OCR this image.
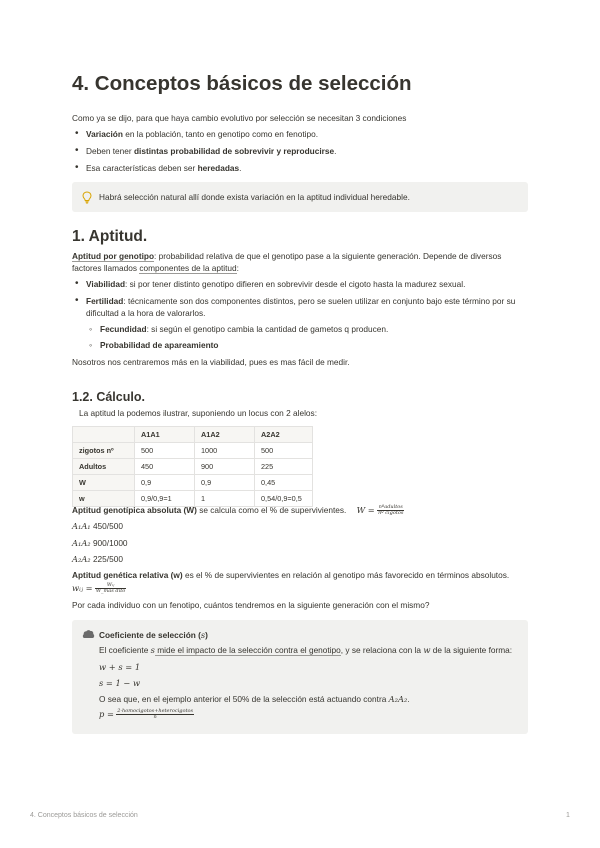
4. Conceptos básicos de selección

Como ya se dijo, para que haya cambio evolutivo por selección se necesitan 3 condiciones

• Variación en la población, tanto en genotipo como en fenotipo.
• Deben tener distintas probabilidad de sobrevivir y reproducirse.
• Esa características deben ser heredadas.
Habrá selección natural allí donde exista variación en la aptitud individual heredable.
1. Aptitud.

Aptitud por genotipo: probabilidad relativa de que el genotipo pase a la siguiente generación. Depende de diversos

factores llamados componentes de la aptitud:

• Viabilidad: si por tener distinto genotipo difieren en sobrevivir desde el cigoto hasta la madurez sexual.
• Fertilidad: técnicamente son dos componentes distintos, pero se suelen utilizar en conjunto bajo este término por su

dificultad a la hora de valorarlos.

◦ Fecundidad: si según el genotipo cambia la cantidad de gametos q producen.
◦ Probabilidad de apareamiento

Nosotros nos centraremos más en la viabilidad, pues es mas fácil de medir.

1.2. Cálculo.

La aptitud la podemos ilustrar, suponiendo un locus con 2 alelos:

	A1A1	A1A2	A2A2
zigotos nº	500	1000	500
Adultos	450	900	225
W	0,9	0,9	0,45
w	0,9/0,9=1	1	0,54/0,9=0,5

Aptitud genotípica absoluta (W) se calcula como el % de supervivientes. $W = \frac{\text{nºadultos}}{\text{nº cigotos}}$

A₁A₁ 450/500

A₁A₂ 900/1000

A₂A₂ 225/500

Aptitud genética relativa (w) es el % de supervivientes en relación al genotipo más favorecido en términos absolutos.

wᵢⱼ = $\frac{\text{Wᵢⱼ}}{\text{W\_más dito}}$

Por cada individuo con un fenotipo, cuántos tendremos en la siguiente generación con el mismo?

Coeficiente de selección (s)

El coeficiente s mide el impacto de la selección contra el genotipo, y se relaciona con la w de la siguiente forma:

w + s = 1

s = 1 − w

O sea que, en el ejemplo anterior el 50% de la selección está actuando contra A₂A₂.

$p = \frac{\text{2·homocigotos+heterocigotos}}{n}$

4. Conceptos básicos de selección	1
